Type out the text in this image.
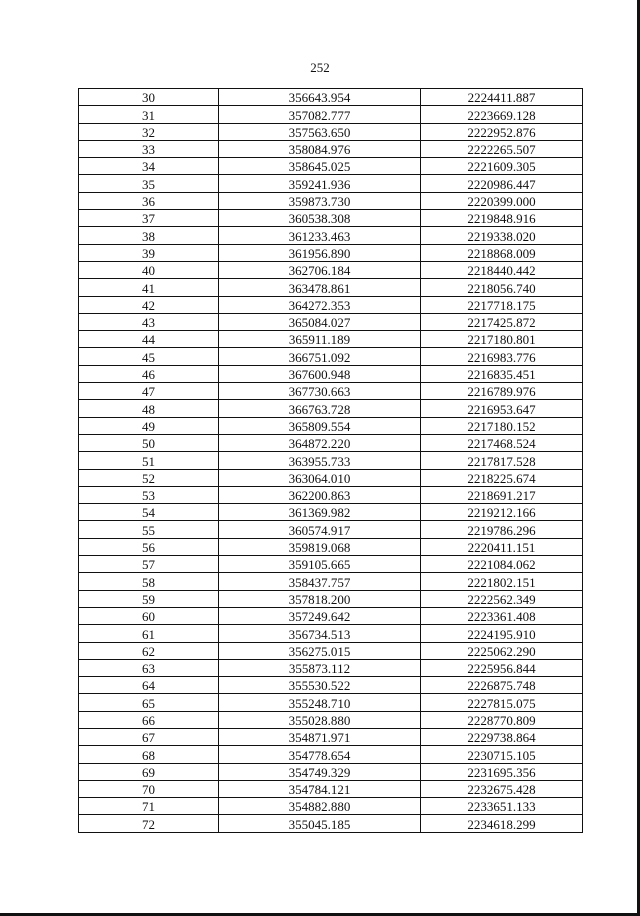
252
30	356643.954	2224411.887
31	357082.777	2223669.128
32	357563.650	2222952.876
33	358084.976	2222265.507
34	358645.025	2221609.305
35	359241.936	2220986.447
36	359873.730	2220399.000
37	360538.308	2219848.916
38	361233.463	2219338.020
39	361956.890	2218868.009
40	362706.184	2218440.442
41	363478.861	2218056.740
42	364272.353	2217718.175
43	365084.027	2217425.872
44	365911.189	2217180.801
45	366751.092	2216983.776
46	367600.948	2216835.451
47	367730.663	2216789.976
48	366763.728	2216953.647
49	365809.554	2217180.152
50	364872.220	2217468.524
51	363955.733	2217817.528
52	363064.010	2218225.674
53	362200.863	2218691.217
54	361369.982	2219212.166
55	360574.917	2219786.296
56	359819.068	2220411.151
57	359105.665	2221084.062
58	358437.757	2221802.151
59	357818.200	2222562.349
60	357249.642	2223361.408
61	356734.513	2224195.910
62	356275.015	2225062.290
63	355873.112	2225956.844
64	355530.522	2226875.748
65	355248.710	2227815.075
66	355028.880	2228770.809
67	354871.971	2229738.864
68	354778.654	2230715.105
69	354749.329	2231695.356
70	354784.121	2232675.428
71	354882.880	2233651.133
72	355045.185	2234618.299
